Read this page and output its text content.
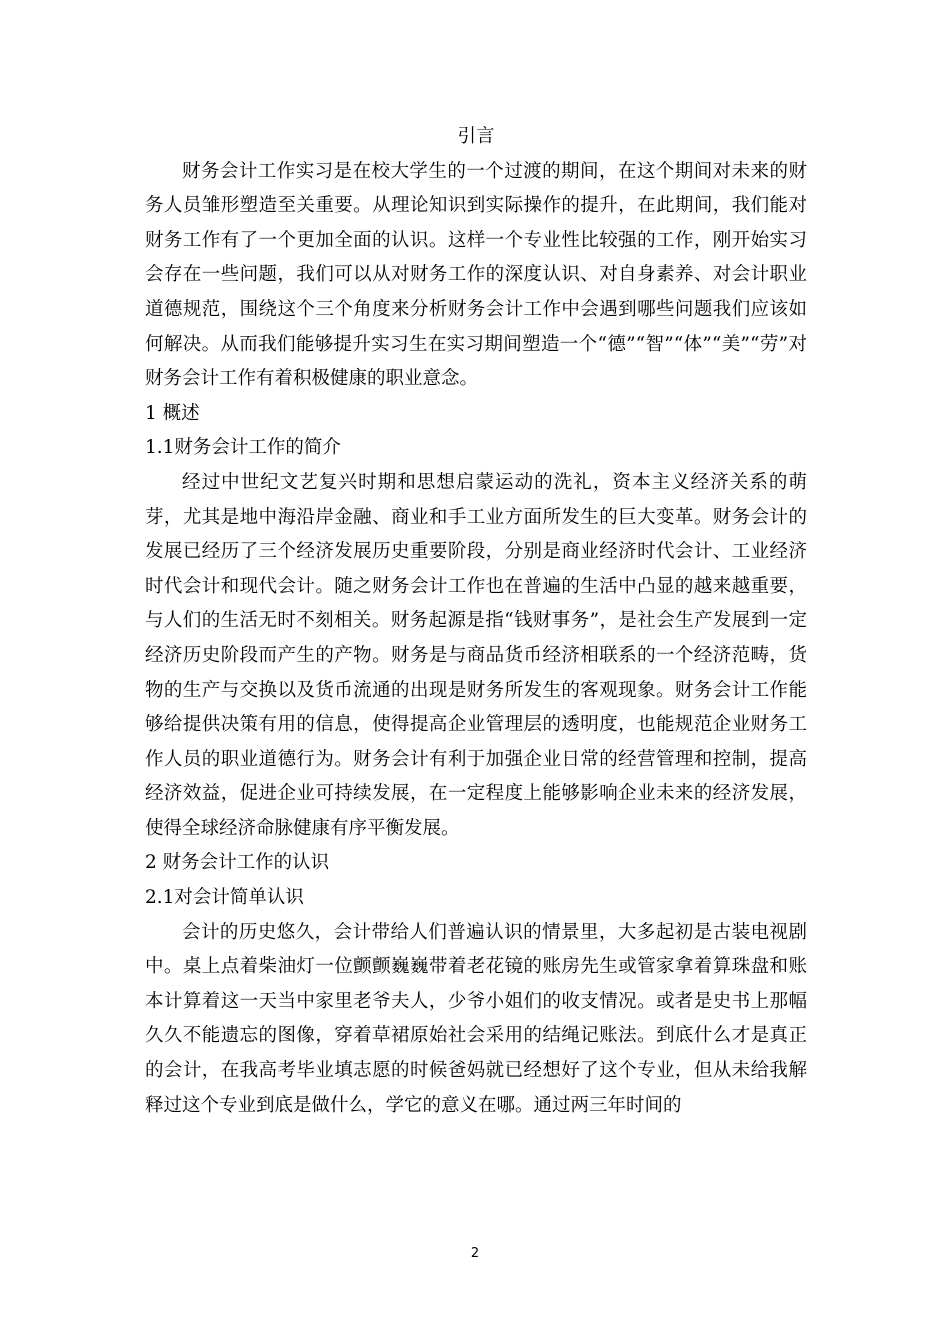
引言

财务会计工作实习是在校大学生的一个过渡的期间，在这个期间对未来的财务人员雏形塑造至关重要。从理论知识到实际操作的提升，在此期间，我们能对财务工作有了一个更加全面的认识。这样一个专业性比较强的工作，刚开始实习会存在一些问题，我们可以从对财务工作的深度认识、对自身素养、对会计职业道德规范，围绕这个三个角度来分析财务会计工作中会遇到哪些问题我们应该如何解决。从而我们能够提升实习生在实习期间塑造一个“德”“智”“体”“美”“劳”对财务会计工作有着积极健康的职业意念。

1 概述

1.1财务会计工作的简介

经过中世纪文艺复兴时期和思想启蒙运动的洗礼，资本主义经济关系的萌芽，尤其是地中海沿岸金融、商业和手工业方面所发生的巨大变革。财务会计的发展已经历了三个经济发展历史重要阶段，分别是商业经济时代会计、工业经济时代会计和现代会计。随之财务会计工作也在普遍的生活中凸显的越来越重要，与人们的生活无时不刻相关。财务起源是指“钱财事务”，是社会生产发展到一定经济历史阶段而产生的产物。财务是与商品货币经济相联系的一个经济范畴，货物的生产与交换以及货币流通的出现是财务所发生的客观现象。财务会计工作能够给提供决策有用的信息，使得提高企业管理层的透明度，也能规范企业财务工作人员的职业道德行为。财务会计有利于加强企业日常的经营管理和控制，提高经济效益，促进企业可持续发展，在一定程度上能够影响企业未来的经济发展， 使得全球经济命脉健康有序平衡发展。

2 财务会计工作的认识

2.1对会计简单认识

会计的历史悠久，会计带给人们普遍认识的情景里，大多起初是古装电视剧中。桌上点着柴油灯一位颤颤巍巍带着老花镜的账房先生或管家拿着算珠盘和账本计算着这一天当中家里老爷夫人，少爷小姐们的收支情况。或者是史书上那幅久久不能遗忘的图像，穿着草裙原始社会采用的结绳记账法。到底什么才是真正的会计，在我高考毕业填志愿的时候爸妈就已经想好了这个专业，但从未给我解释过这个专业到底是做什么，学它的意义在哪。通过两三年时间的

2
